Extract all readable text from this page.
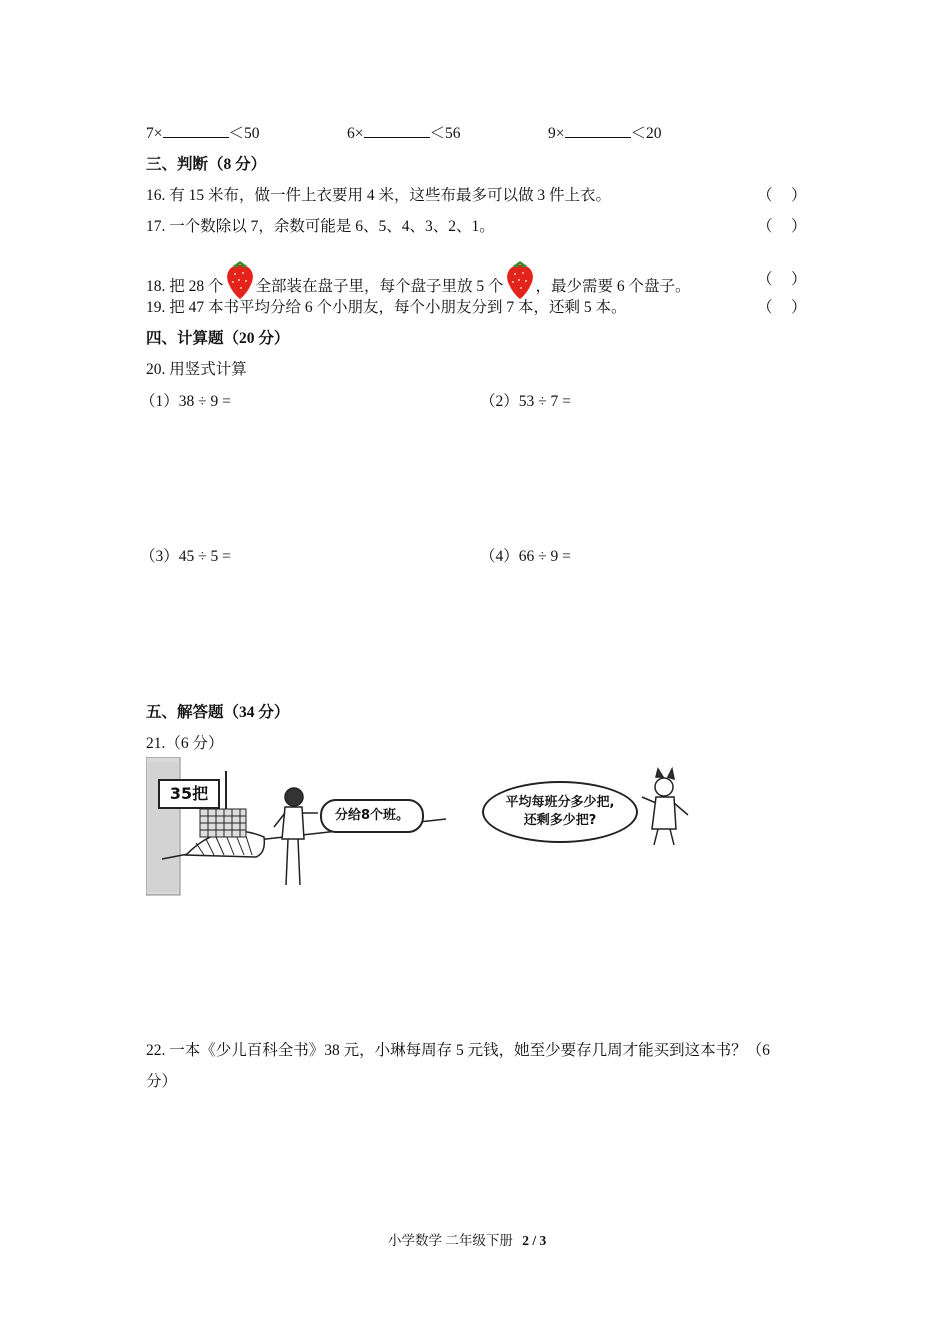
7×	＜50	6×	＜56	9×	＜20
三、判断（8 分）
16. 有 15 米布，做一件上衣要用 4 米，这些布最多可以做 3 件上衣。	（ ）
17. 一个数除以 7，余数可能是 6、5、4、3、2、1。	（ ）
18. 把 28 个 全部装在盘子里，每个盘子里放 5 个 ，最少需要 6 个盘子。	（ ）
19. 把 47 本书平均分给 6 个小朋友，每个小朋友分到 7 本，还剩 5 本。	（ ）
四、计算题（20 分）
20. 用竖式计算
（1）38 ÷ 9 =	（2）53 ÷ 7 =
（3）45 ÷ 5 =	（4）66 ÷ 9 =
五、解答题（34 分）
21.（6 分）
35把
分给8个班。
平均每班分多少把,
还剩多少把?
22. 一本《少儿百科全书》38 元，小琳每周存 5 元钱，她至少要存几周才能买到这本书？（6
分）
小学数学 二年级下册 2 / 3
